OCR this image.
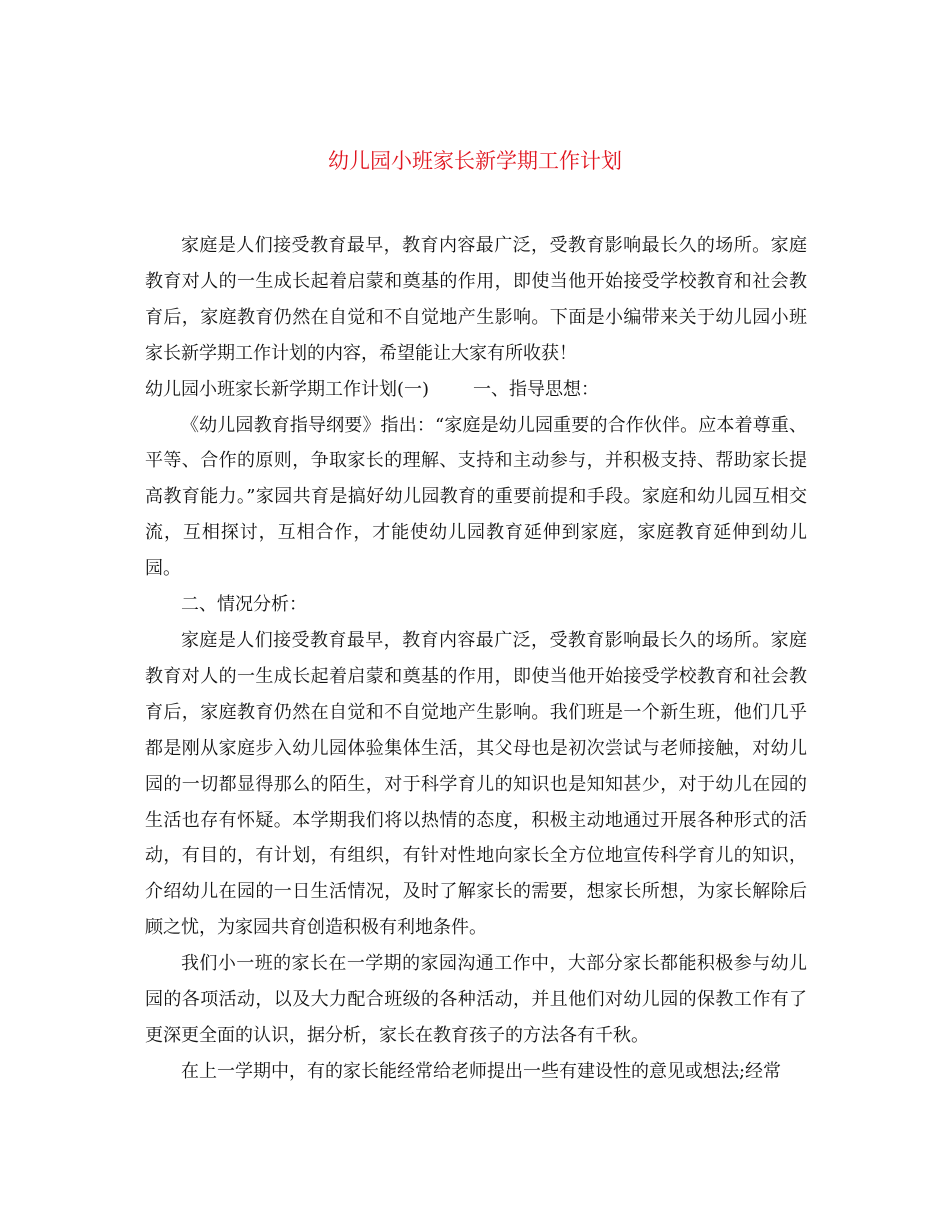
幼儿园小班家长新学期工作计划

家庭是人们接受教育最早，教育内容最广泛，受教育影响最长久的场所。家庭教育对人的一生成长起着启蒙和奠基的作用，即使当他开始接受学校教育和社会教育后，家庭教育仍然在自觉和不自觉地产生影响。下面是小编带来关于幼儿园小班家长新学期工作计划的内容，希望能让大家有所收获！

幼儿园小班家长新学期工作计划(一) 一、指导思想：

《幼儿园教育指导纲要》指出：“家庭是幼儿园重要的合作伙伴。应本着尊重、平等、合作的原则，争取家长的理解、支持和主动参与，并积极支持、帮助家长提高教育能力。”家园共育是搞好幼儿园教育的重要前提和手段。家庭和幼儿园互相交流，互相探讨，互相合作，才能使幼儿园教育延伸到家庭，家庭教育延伸到幼儿园。

二、情况分析：

家庭是人们接受教育最早，教育内容最广泛，受教育影响最长久的场所。家庭教育对人的一生成长起着启蒙和奠基的作用，即使当他开始接受学校教育和社会教育后，家庭教育仍然在自觉和不自觉地产生影响。我们班是一个新生班，他们几乎都是刚从家庭步入幼儿园体验集体生活，其父母也是初次尝试与老师接触，对幼儿园的一切都显得那么的陌生，对于科学育儿的知识也是知知甚少，对于幼儿在园的生活也存有怀疑。本学期我们将以热情的态度，积极主动地通过开展各种形式的活动，有目的，有计划，有组织，有针对性地向家长全方位地宣传科学育儿的知识，介绍幼儿在园的一日生活情况，及时了解家长的需要，想家长所想，为家长解除后顾之忧，为家园共育创造积极有利地条件。

我们小一班的家长在一学期的家园沟通工作中，大部分家长都能积极参与幼儿园的各项活动，以及大力配合班级的各种活动，并且他们对幼儿园的保教工作有了更深更全面的认识，据分析，家长在教育孩子的方法各有千秋。

在上一学期中，有的家长能经常给老师提出一些有建设性的意见或想法;经常
